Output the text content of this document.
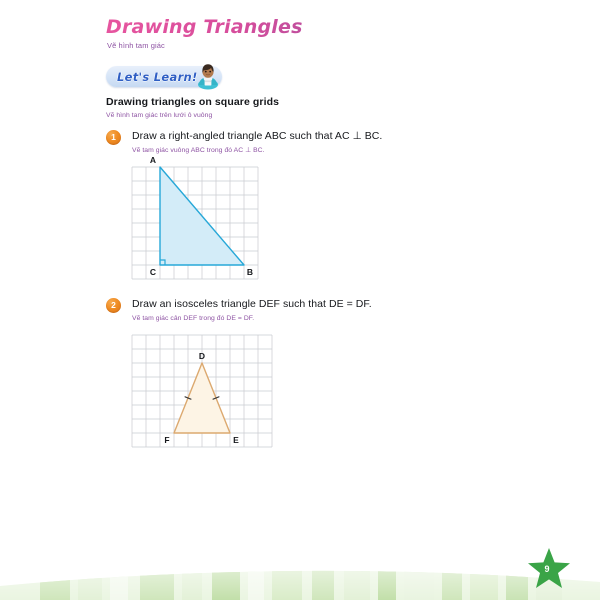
Drawing Triangles
Vẽ hình tam giác
Let's Learn!
Drawing triangles on square grids
Vẽ hình tam giác trên lưới ô vuông
1	Draw a right-angled triangle ABC such that AC ⊥ BC.
Vẽ tam giác vuông ABC trong đó AC ⊥ BC.
A
C	B
2	Draw an isosceles triangle DEF such that DE = DF.
Vẽ tam giác cân DEF trong đó DE = DF.
D
F	E
9
